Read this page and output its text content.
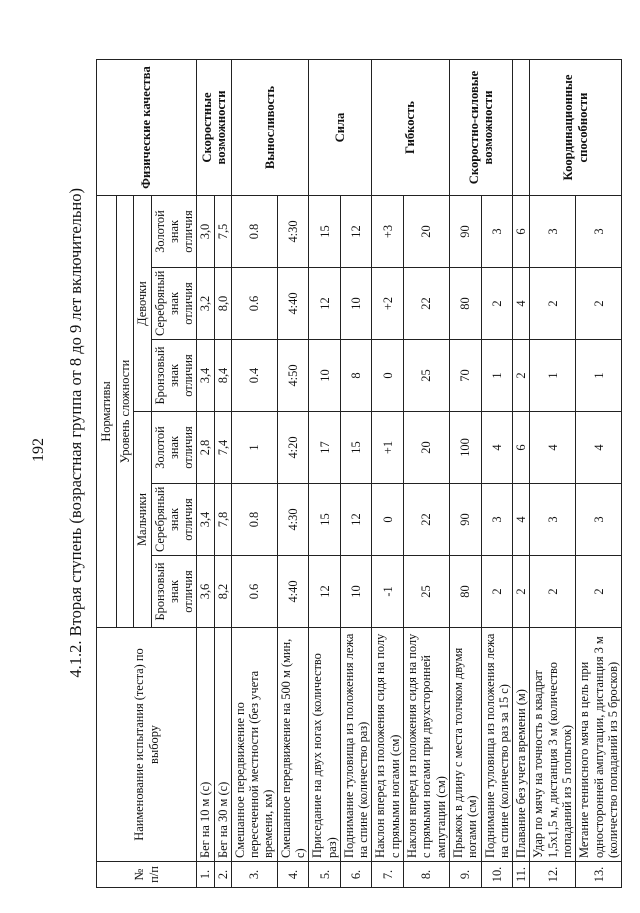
192 4.1.2. Вторая ступень (возрастная группа от 8 до 9 лет включительно)
№ п/п	Наименование испытания (теста) по выбору	Нормативы						Физические качества
		Уровень сложности						
		Мальчики			Девочки			
		Бронзовый знак отличия	Серебряный знак отличия	Золотой знак отличия	Бронзовый знак отличия	Серебряный знак отличия	Золотой знак отличия	
1.	Бег на 10 м (с)	3,6	3,4	2,8	3,4	3,2	3,0	Скоростные возможности
2.	Бег на 30 м (с)	8,2	7,8	7,4	8,4	8,0	7,5	
3.	Смешанное передвижение по пересеченной местности (без учета времени, км)	0.6	0.8	1	0.4	0.6	0.8	Выносливость
4.	Смешанное передвижение на 500 м (мин, с)	4:40	4:30	4:20	4:50	4:40	4:30	
5.	Приседание на двух ногах (количество раз)	12	15	17	10	12	15	Сила
6.	Поднимание туловища из положения лежа на спине (количество раз)	10	12	15	8	10	12	
7.	Наклон вперед из положения сидя на полу с прямыми ногами (см)	-1	0	+1	0	+2	+3	Гибкость
8.	Наклон вперед из положения сидя на полу с прямыми ногами при двухсторонней ампутации (см)	25	22	20	25	22	20	
9.	Прыжок в длину с места толчком двумя ногами (см)	80	90	100	70	80	90	Скоростно-силовые возможности
10.	Поднимание туловища из положения лежа на спине (количество раз за 15 с)	2	3	4	1	2	3	
11.	Плавание без учета времени (м)	2	4	6	2	4	6	
12.	Удар по мячу на точность в квадрат 1,5х1,5 м, дистанция 3 м (количество попаданий из 5 попыток)	2	3	4	1	2	3	Координационные способности
13.	Метание теннисного мяча в цель при односторонней ампутации, дистанция 3 м (количество попаданий из 5 бросков)	2	3	4	1	2	3	
